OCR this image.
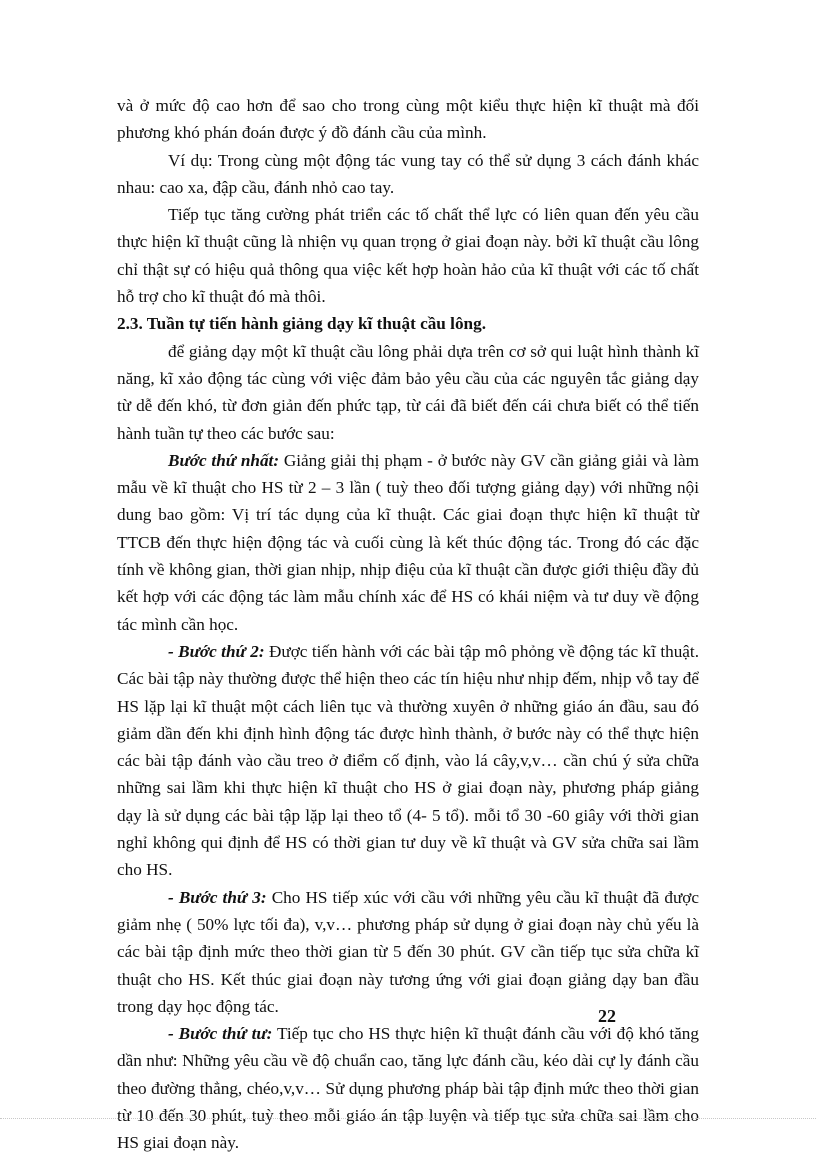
và ở mức độ cao hơn để sao cho trong cùng một kiểu thực hiện kĩ thuật mà đối phương khó phán đoán được ý đồ đánh cầu của mình.

Ví dụ: Trong cùng một động tác vung tay có thể sử dụng 3 cách đánh khác nhau: cao xa, đập cầu, đánh nhỏ cao tay.

Tiếp tục tăng cường phát triển các tố chất thể lực có liên quan đến yêu cầu thực hiện kĩ thuật cũng là nhiện vụ quan trọng ở giai đoạn này. bởi kĩ thuật cầu lông chỉ thật sự có hiệu quả thông qua việc kết hợp hoàn hảo của kĩ thuật với các tố chất hỗ trợ cho kĩ thuật đó mà thôi.

2.3. Tuần tự tiến hành giảng dạy kĩ thuật cầu lông.

để giảng dạy một kĩ thuật cầu lông phải dựa trên cơ sở qui luật hình thành kĩ năng, kĩ xảo động tác cùng với việc đảm bảo yêu cầu của các nguyên tắc giảng dạy từ dễ đến khó, từ đơn giản đến phức tạp, từ cái đã biết đến cái chưa biết có thể tiến hành tuần tự theo các bước sau:

Bước thứ nhất: Giảng giải thị phạm - ở bước này GV cần giảng giải và làm mẫu về kĩ thuật cho HS từ 2 – 3 lần ( tuỳ theo đối tượng giảng dạy) với những nội dung bao gồm: Vị trí tác dụng của kĩ thuật. Các giai đoạn thực hiện kĩ thuật từ TTCB đến thực hiện động tác và cuối cùng là kết thúc động tác. Trong đó các đặc tính về không gian, thời gian nhịp, nhịp điệu của kĩ thuật cần được giới thiệu đầy đủ kết hợp với các động tác làm mẫu chính xác để HS có khái niệm và tư duy về động tác mình cần học.

- Bước thứ 2: Được tiến hành với các bài tập mô phỏng về động tác kĩ thuật. Các bài tập này thường được thể hiện theo các tín hiệu như nhịp đếm, nhịp vỗ tay để HS lặp lại kĩ thuật một cách liên tục và thường xuyên ở những giáo án đầu, sau đó giảm dần đến khi định hình động tác được hình thành, ở bước này có thể thực hiện các bài tập đánh vào cầu treo ở điểm cố định, vào lá cây,v,v… cần chú ý sửa chữa những sai lầm khi thực hiện kĩ thuật cho HS ở giai đoạn này, phương pháp giảng dạy là sử dụng các bài tập lặp lại theo tổ (4- 5 tổ). mỗi tổ 30 -60 giây với thời gian nghỉ không qui định để HS có thời gian tư duy về kĩ thuật và GV sửa chữa sai lầm cho HS.

- Bước thứ 3: Cho HS tiếp xúc với cầu với những yêu cầu kĩ thuật đã được giảm nhẹ ( 50% lực tối đa), v,v… phương pháp sử dụng ở giai đoạn này chủ yếu là các bài tập định mức theo thời gian từ 5 đến 30 phút. GV cần tiếp tục sửa chữa kĩ thuật cho HS. Kết thúc giai đoạn này tương ứng với giai đoạn giảng dạy ban đầu trong dạy học động tác.

- Bước thứ tư: Tiếp tục cho HS thực hiện kĩ thuật đánh cầu với độ khó tăng dần như: Những yêu cầu về độ chuẩn cao, tăng lực đánh cầu, kéo dài cự ly đánh cầu theo đường thẳng, chéo,v,v… Sử dụng phương pháp bài tập định mức theo thời gian từ 10 đến 30 phút, tuỳ theo mỗi giáo án tập luyện và tiếp tục sửa chữa sai lầm cho HS giai đoạn này.

22
